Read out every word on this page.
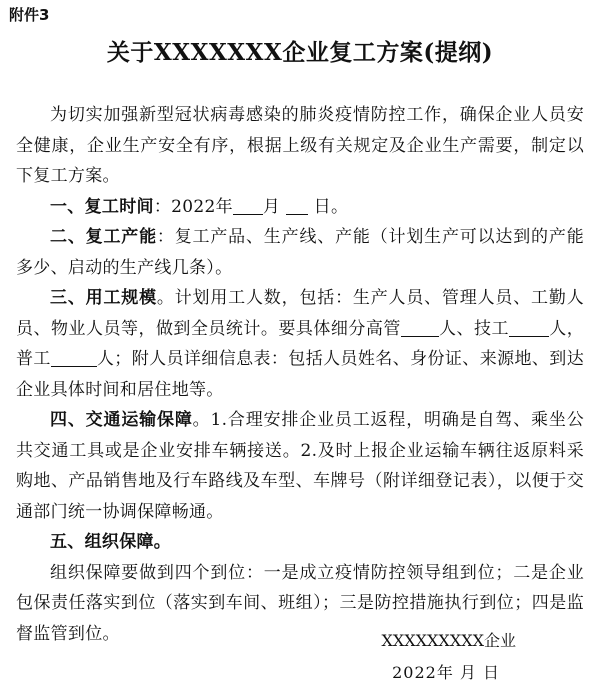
附件3
关于XXXXXXX企业复工方案(提纲)

为切实加强新型冠状病毒感染的肺炎疫情防控工作，确保企业人员安全健康，企业生产安全有序，根据上级有关规定及企业生产需要，制定以下复工方案。

一、复工时间：2022年 月 日。

二、复工产能：复工产品、生产线、产能（计划生产可以达到的产能多少、启动的生产线几条）。

三、用工规模。计划用工人数，包括：生产人员、管理人员、工勤人员、物业人员等，做到全员统计。要具体细分高管 人、技工 人，普工	人；附人员详细信息表：包括人员姓名、身份证、来源地、到达企业具体时间和居住地等。

四、交通运输保障。1.合理安排企业员工返程，明确是自驾、乘坐公共交通工具或是企业安排车辆接送。2.及时上报企业运输车辆往返原料采购地、产品销售地及行车路线及车型、车牌号（附详细登记表），以便于交通部门统一协调保障畅通。

五、组织保障。

组织保障要做到四个到位：一是成立疫情防控领导组到位；二是企业包保责任落实到位（落实到车间、班组）；三是防控措施执行到位；四是监督监管到位。	XXXXXXXXX企业
2022年 月 日
